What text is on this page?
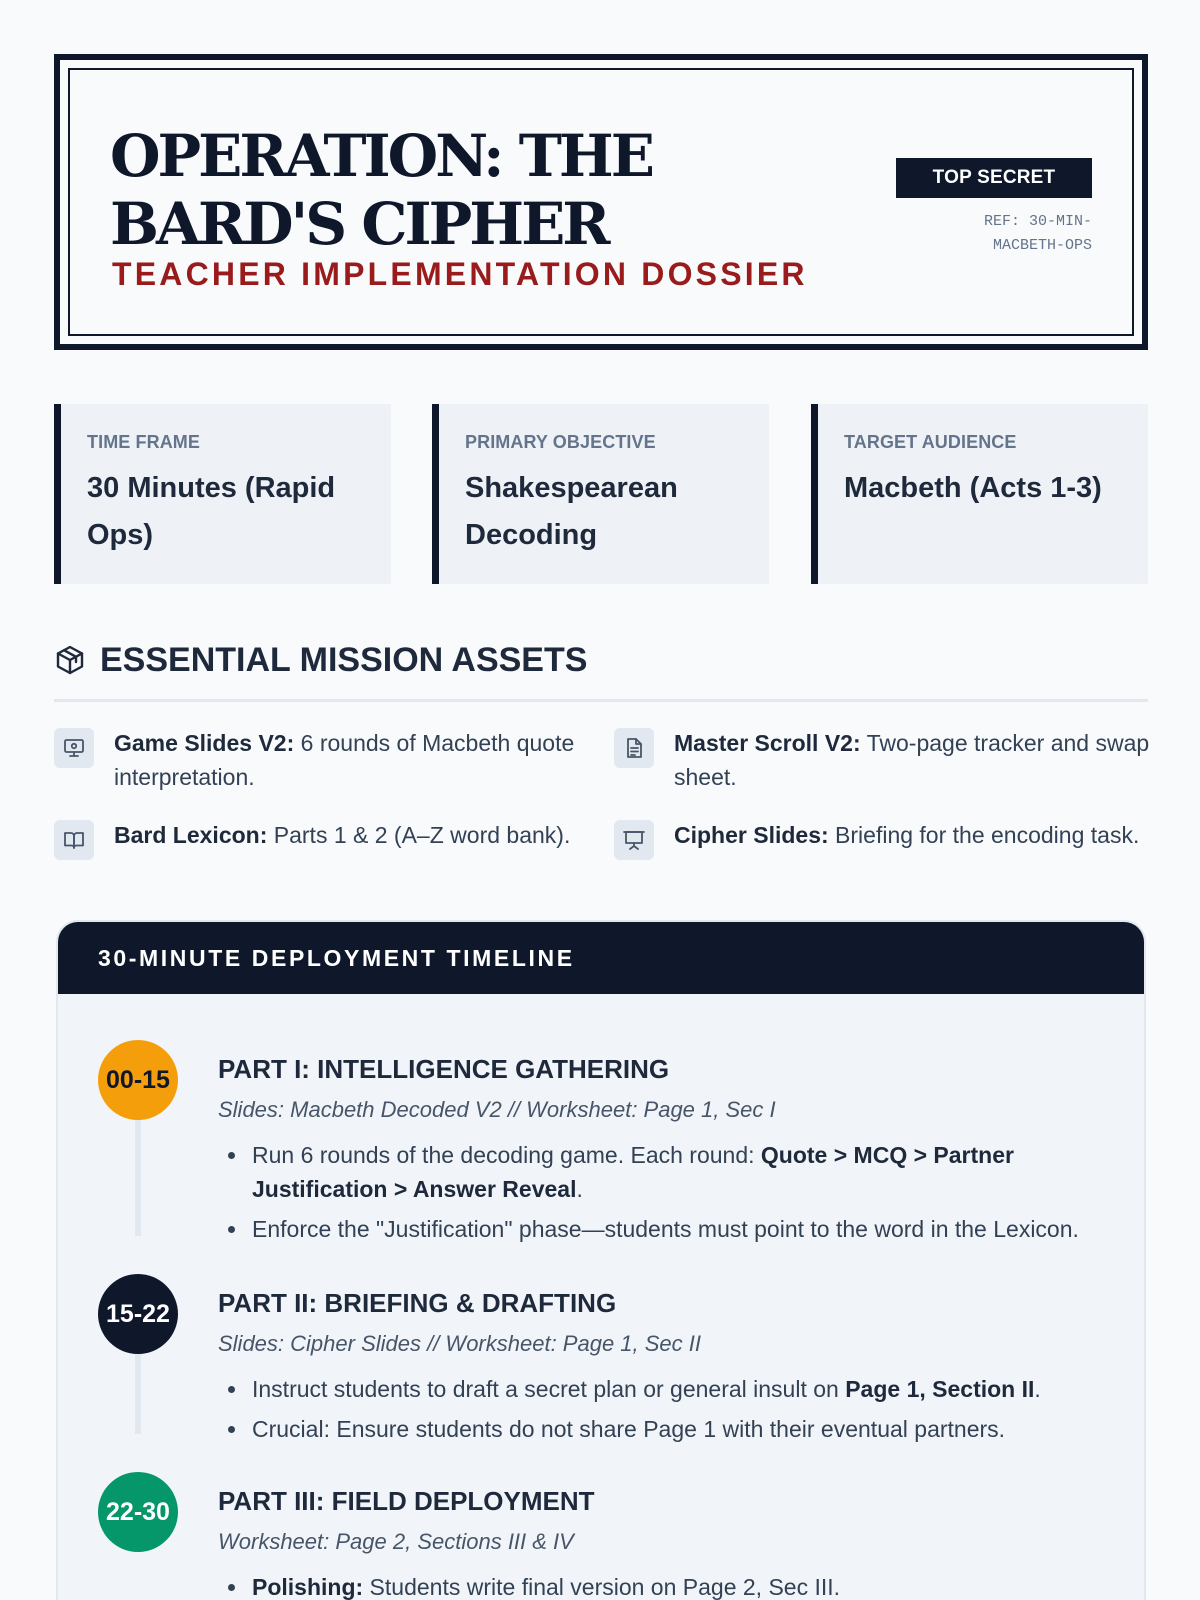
OPERATION: THE BARD'S CIPHER
TEACHER IMPLEMENTATION DOSSIER
TOP SECRET
REF: 30-MIN-MACBETH-OPS
TIME FRAME
30 Minutes (Rapid Ops)
PRIMARY OBJECTIVE
Shakespearean Decoding
TARGET AUDIENCE
Macbeth (Acts 1-3)
ESSENTIAL MISSION ASSETS
Game Slides V2: 6 rounds of Macbeth quote interpretation.
Master Scroll V2: Two-page tracker and swap sheet.
Bard Lexicon: Parts 1 & 2 (A–Z word bank).	Cipher Slides: Briefing for the encoding task.
30-MINUTE DEPLOYMENT TIMELINE
00-15	PART I: INTELLIGENCE GATHERING
Slides: Macbeth Decoded V2 // Worksheet: Page 1, Sec I
Run 6 rounds of the decoding game. Each round: Quote > MCQ > Partner Justification > Answer Reveal.
Enforce the "Justification" phase—students must point to the word in the Lexicon.
15-22	PART II: BRIEFING & DRAFTING
Slides: Cipher Slides // Worksheet: Page 1, Sec II
Instruct students to draft a secret plan or general insult on Page 1, Section II.
Crucial: Ensure students do not share Page 1 with their eventual partners.
22-30	PART III: FIELD DEPLOYMENT
Worksheet: Page 2, Sections III & IV
Polishing: Students write final version on Page 2, Sec III.
